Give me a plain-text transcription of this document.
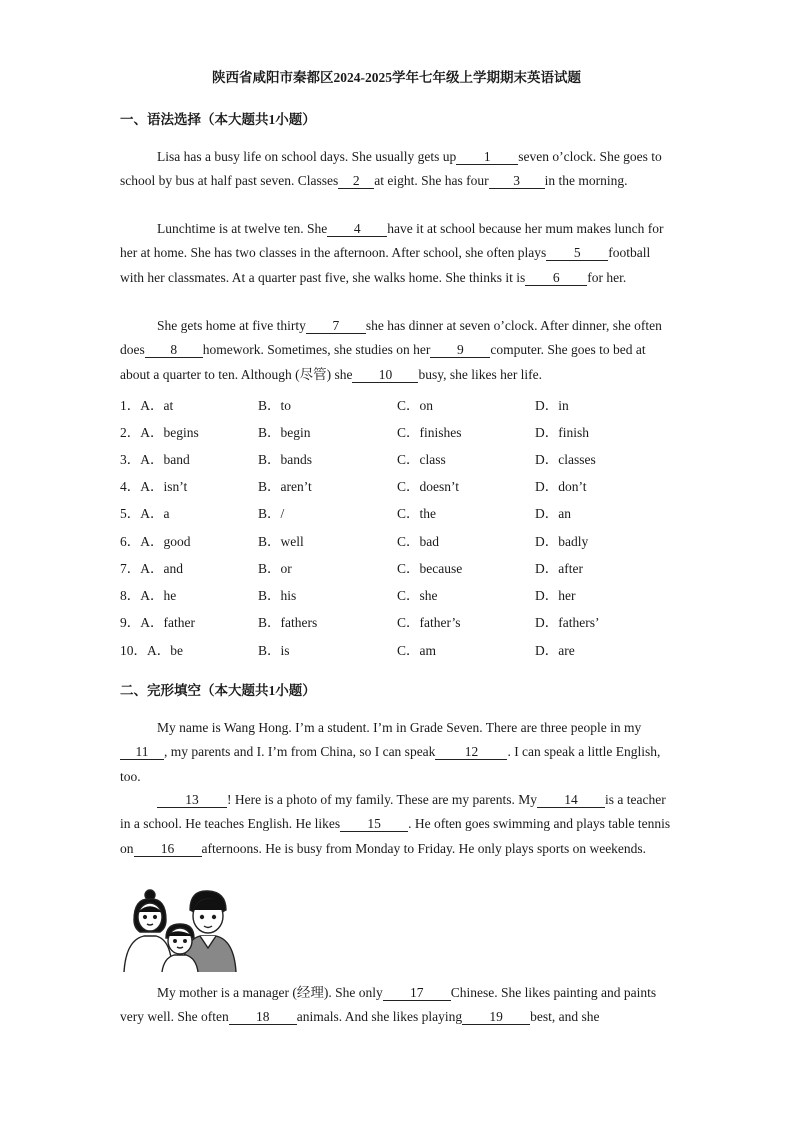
陕西省咸阳市秦都区2024-2025学年七年级上学期期末英语试题
一、语法选择（本大题共1小题）

Lisa has a busy life on school days. She usually gets up 1 seven o’clock. She goes to school by bus at half past seven. Classes 2 at eight. She has four 3 in the morning.

Lunchtime is at twelve ten. She 4 have it at school because her mum makes lunch for her at home. She has two classes in the afternoon. After school, she often plays 5 football with her classmates. At a quarter past five, she walks home. She thinks it is 6 for her.

She gets home at five thirty 7 she has dinner at seven o’clock. After dinner, she often does 8 homework. Sometimes, she studies on her 9 computer. She goes to bed at about a quarter to ten. Although (尽管) she 10 busy, she likes her life.

1．A．at	B．to	C．on	D．in
2．A．begins	B．begin	C．finishes	D．finish
3．A．band	B．bands	C．class	D．classes
4．A．isn’t	B．aren’t	C．doesn’t	D．don’t
5．A．a	B．/	C．the	D．an
6．A．good	B．well	C．bad	D．badly
7．A．and	B．or	C．because	D．after
8．A．he	B．his	C．she	D．her
9．A．father	B．fathers	C．father’s	D．fathers’
10．A．be	B．is	C．am	D．are
二、完形填空（本大题共1小题）

My name is Wang Hong. I’m a student. I’m in Grade Seven. There are three people in my11 , my parents and I. I’m from China, so I can speak 12 . I can speak a little English, too.

13 ! Here is a photo of my family. These are my parents. My 14 is a teacher in a school. He teaches English. He likes 15 . He often goes swimming and plays table tennis on 16 afternoons. He is busy from Monday to Friday. He only plays sports on weekends.

My mother is a manager (经理). She only 17 Chinese. She likes painting and paints very well. She often 18 animals. And she likes playing 19 best, and she
